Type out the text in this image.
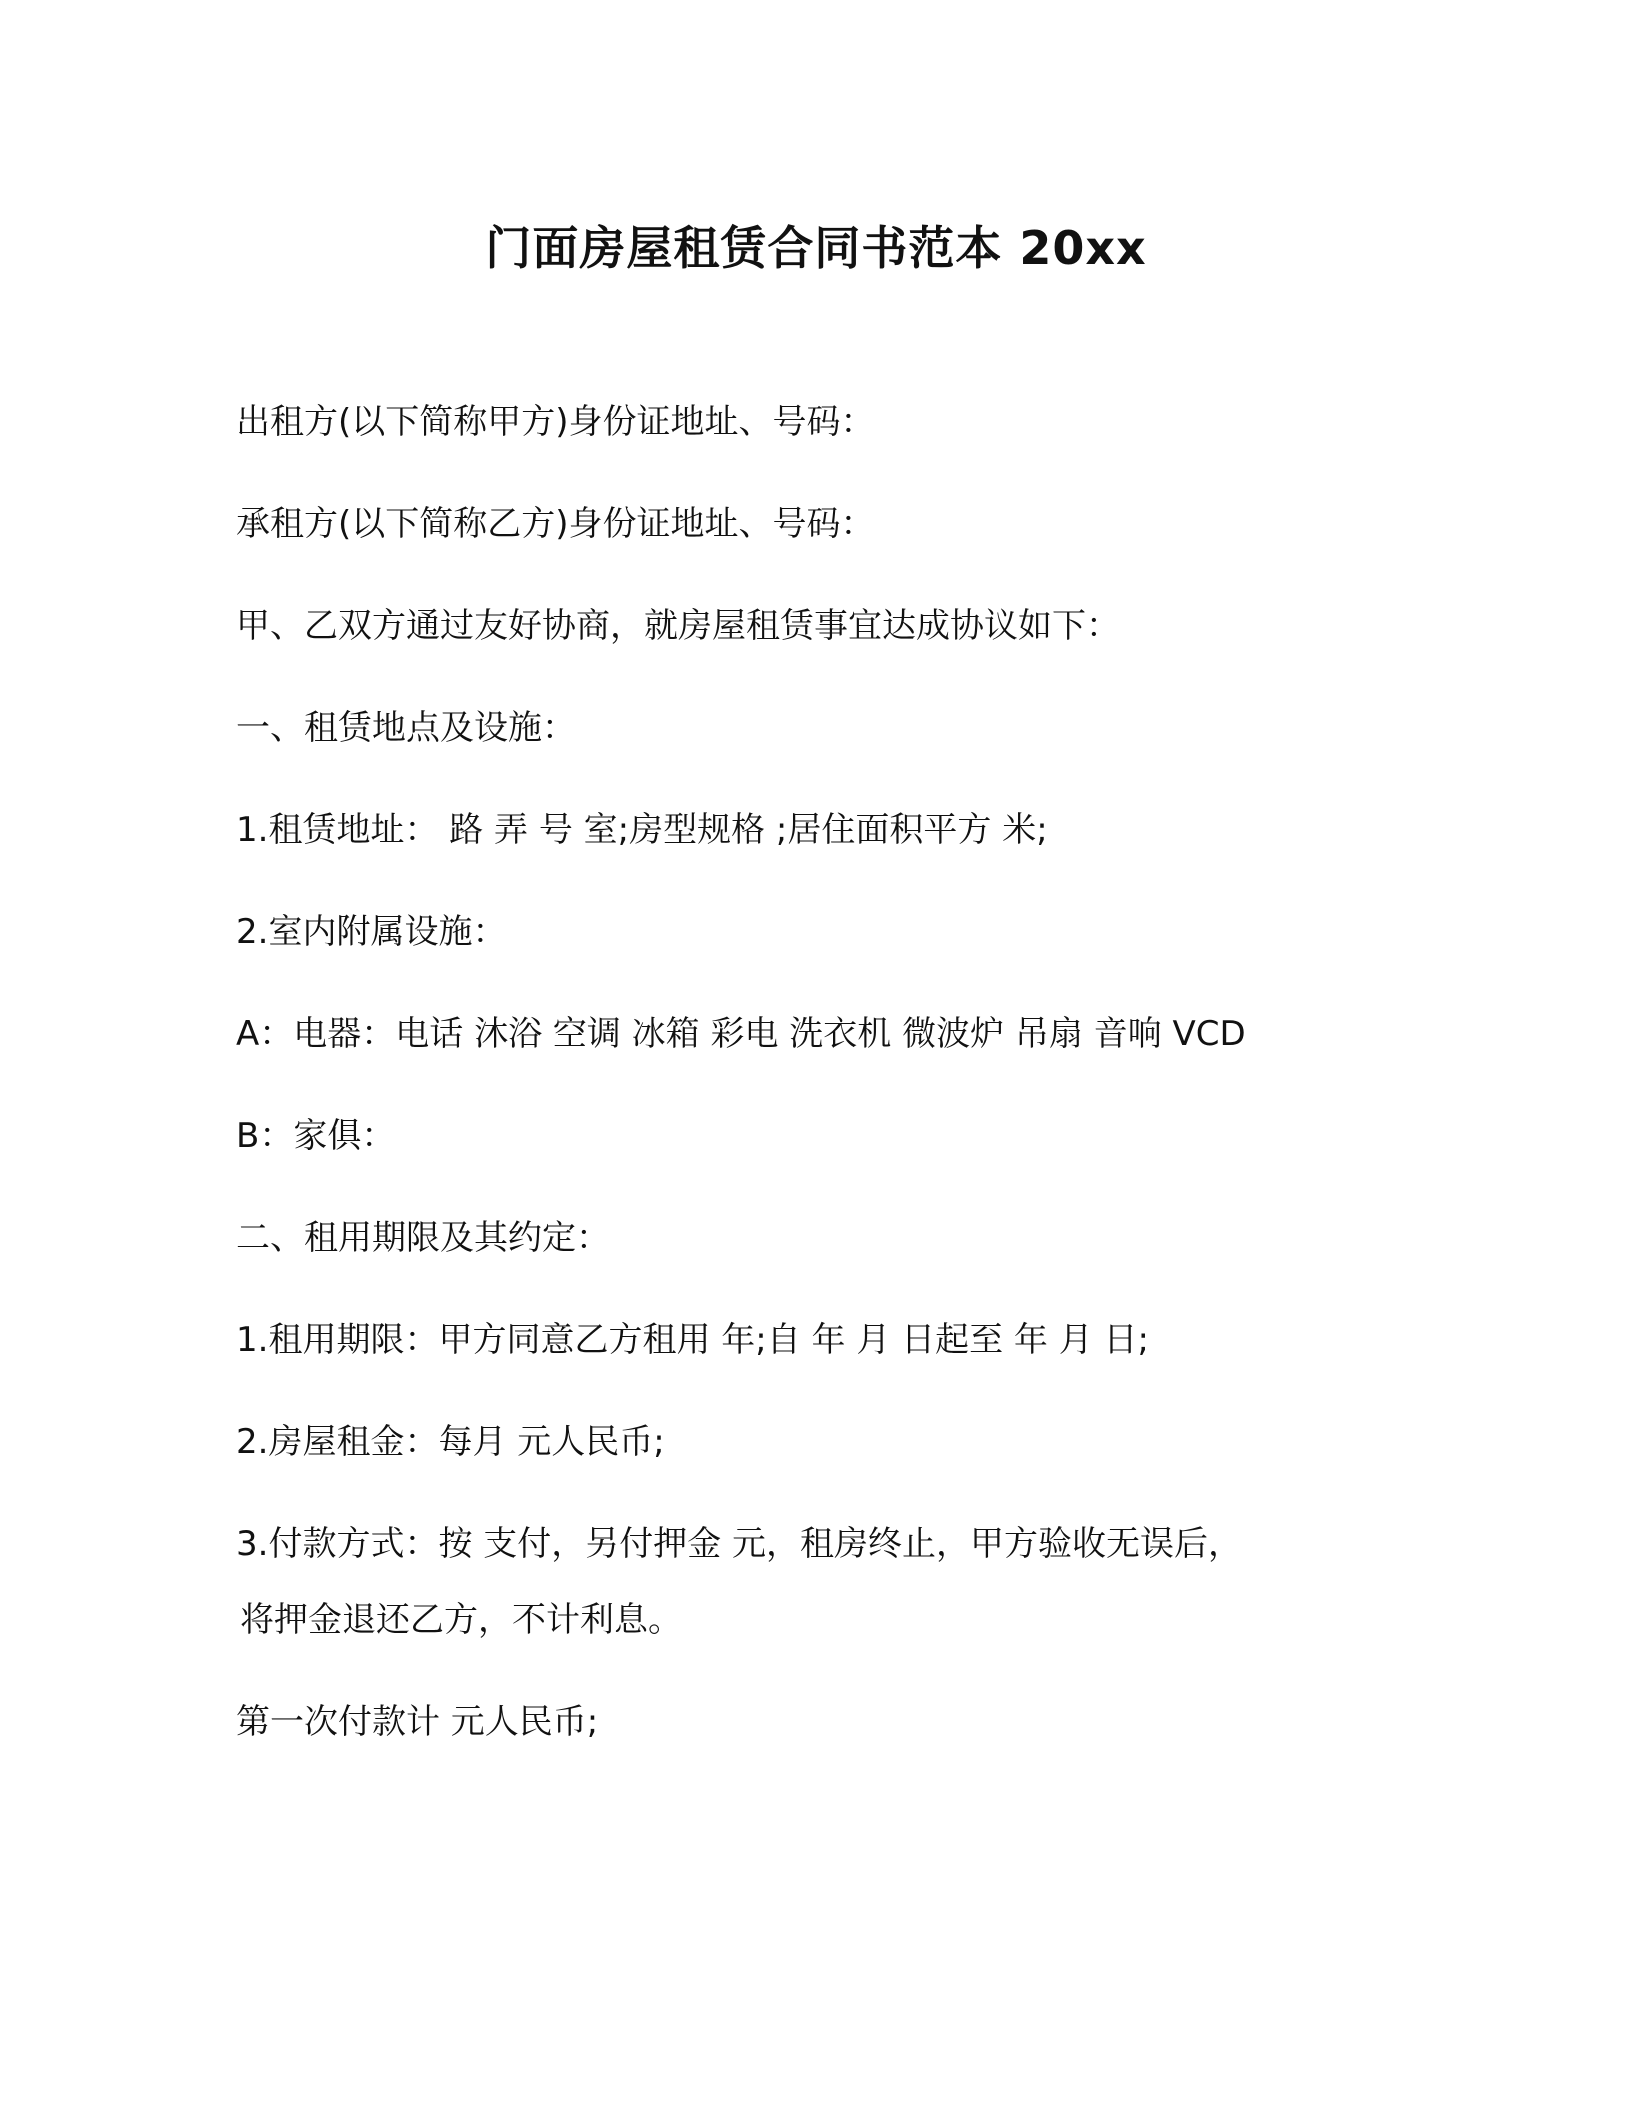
门面房屋租赁合同书范本 20xx
出租方(以下简称甲方)身份证地址、号码：
承租方(以下简称乙方)身份证地址、号码：
甲、乙双方通过友好协商，就房屋租赁事宜达成协议如下：
一、租赁地点及设施：
1.租赁地址： 路 弄 号 室;房型规格 ;居住面积平方 米;
2.室内附属设施：
A：电器：电话 沐浴 空调 冰箱 彩电 洗衣机 微波炉 吊扇 音响 VCD
B：家俱：
二、租用期限及其约定：
1.租用期限：甲方同意乙方租用 年;自 年 月 日起至 年 月 日;
2.房屋租金：每月 元人民币;
3.付款方式：按 支付，另付押金 元，租房终止，甲方验收无误后，
将押金退还乙方，不计利息。
第一次付款计 元人民币;
